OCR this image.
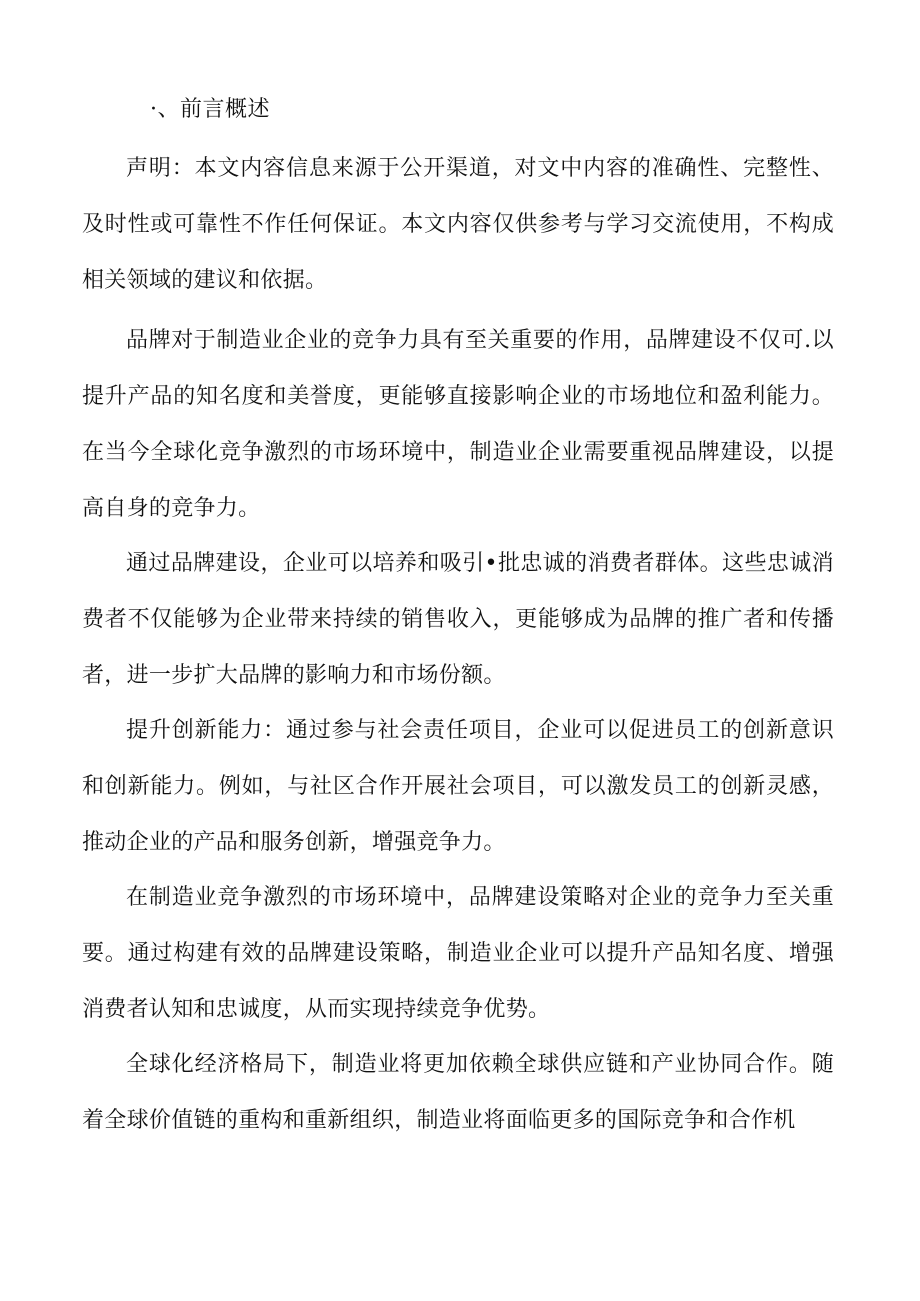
·、前言概述

声明：本文内容信息来源于公开渠道，对文中内容的准确性、完整性、及时性或可靠性不作任何保证。本文内容仅供参考与学习交流使用，不构成相关领域的建议和依据。

品牌对于制造业企业的竞争力具有至关重要的作用，品牌建设不仅可.以提升产品的知名度和美誉度，更能够直接影响企业的市场地位和盈利能力。在当今全球化竞争激烈的市场环境中，制造业企业需要重视品牌建设，以提高自身的竞争力。

通过品牌建设，企业可以培养和吸引•批忠诚的消费者群体。这些忠诚消费者不仅能够为企业带来持续的销售收入，更能够成为品牌的推广者和传播者，进一步扩大品牌的影响力和市场份额。

提升创新能力：通过参与社会责任项目，企业可以促进员工的创新意识和创新能力。例如，与社区合作开展社会项目，可以激发员工的创新灵感，推动企业的产品和服务创新，增强竞争力。

在制造业竞争激烈的市场环境中，品牌建设策略对企业的竞争力至关重要。通过构建有效的品牌建设策略，制造业企业可以提升产品知名度、增强消费者认知和忠诚度，从而实现持续竞争优势。

全球化经济格局下，制造业将更加依赖全球供应链和产业协同合作。随着全球价值链的重构和重新组织，制造业将面临更多的国际竞争和合作机
